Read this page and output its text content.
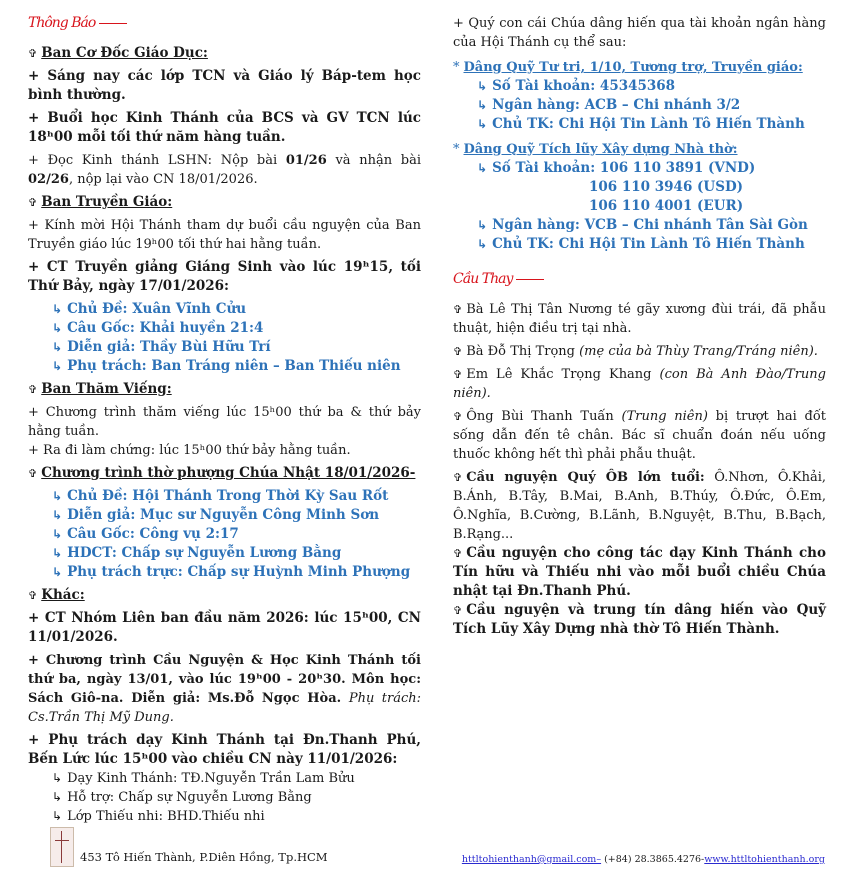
Thông Báo
✞ Ban Cơ Đốc Giáo Dục:
+ Sáng nay các lớp TCN và Giáo lý Báp-tem học bình thường.
+ Buổi học Kinh Thánh của BCS và GV TCN lúc 18ʰ00 mỗi tối thứ năm hàng tuần.
+ Đọc Kinh thánh LSHN: Nộp bài 01/26 và nhận bài 02/26, nộp lại vào CN 18/01/2026.
✞ Ban Truyền Giáo:
+ Kính mời Hội Thánh tham dự buổi cầu nguyện của Ban Truyền giáo lúc 19ʰ00 tối thứ hai hằng tuần.
+ CT Truyền giảng Giáng Sinh vào lúc 19ʰ15, tối Thứ Bảy, ngày 17/01/2026:
↳ Chủ Đề: Xuân Vĩnh Cửu
↳ Câu Gốc: Khải huyền 21:4
↳ Diễn giả: Thầy Bùi Hữu Trí
↳ Phụ trách: Ban Tráng niên – Ban Thiếu niên
✞ Ban Thăm Viếng:
+ Chương trình thăm viếng lúc 15ʰ00 thứ ba & thứ bảy hằng tuần.
+ Ra đi làm chứng: lúc 15ʰ00 thứ bảy hằng tuần.
✞ Chương trình thờ phượng Chúa Nhật 18/01/2026-
↳ Chủ Đề: Hội Thánh Trong Thời Kỳ Sau Rốt
↳ Diễn giả: Mục sư Nguyễn Công Minh Sơn
↳ Câu Gốc: Công vụ 2:17
↳ HDCT: Chấp sự Nguyễn Lương Bằng
↳ Phụ trách trực: Chấp sự Huỳnh Minh Phượng
✞ Khác:
+ CT Nhóm Liên ban đầu năm 2026: lúc 15ʰ00, CN 11/01/2026.
+ Chương trình Cầu Nguyện & Học Kinh Thánh tối thứ ba, ngày 13/01, vào lúc 19ʰ00 - 20ʰ30. Môn học: Sách Giô-na. Diễn giả: Ms.Đỗ Ngọc Hòa. Phụ trách: Cs.Trần Thị Mỹ Dung.
+ Phụ trách dạy Kinh Thánh tại Đn.Thanh Phú, Bến Lức lúc 15ʰ00 vào chiều CN này 11/01/2026:
↳ Dạy Kinh Thánh: TĐ.Nguyễn Trần Lam Bửu
↳ Hỗ trợ: Chấp sự Nguyễn Lương Bằng
↳ Lớp Thiếu nhi: BHD.Thiếu nhi
+ Quý con cái Chúa dâng hiến qua tài khoản ngân hàng của Hội Thánh cụ thể sau:
* Dâng Quỹ Tư tri, 1/10, Tương trợ, Truyền giáo:
↳ Số Tài khoản: 45345368
↳ Ngân hàng: ACB – Chi nhánh 3/2
↳ Chủ TK: Chi Hội Tin Lành Tô Hiến Thành
* Dâng Quỹ Tích lũy Xây dựng Nhà thờ:
↳ Số Tài khoản: 106 110 3891 (VND)
106 110 3946 (USD)
106 110 4001 (EUR)
↳ Ngân hàng: VCB – Chi nhánh Tân Sài Gòn
↳ Chủ TK: Chi Hội Tin Lành Tô Hiến Thành
Cầu Thay
✞ Bà Lê Thị Tân Nương té gãy xương đùi trái, đã phẫu thuật, hiện điều trị tại nhà.
✞ Bà Đỗ Thị Trọng (mẹ của bà Thùy Trang/Tráng niên).
✞ Em Lê Khắc Trọng Khang (con Bà Anh Đào/Trung niên).
✞ Ông Bùi Thanh Tuấn (Trung niên) bị trượt hai đốt sống dẫn đến tê chân. Bác sĩ chuẩn đoán nếu uống thuốc không hết thì phải phẫu thuật.
✞ Cầu nguyện Quý ÔB lớn tuổi: Ô.Nhơn, Ô.Khải, B.Ánh, B.Tây, B.Mai, B.Anh, B.Thúy, Ô.Đức, Ô.Em, Ô.Nghĩa, B.Cường, B.Lãnh, B.Nguyệt, B.Thu, B.Bạch, B.Rạng...
✞ Cầu nguyện cho công tác dạy Kinh Thánh cho Tín hữu và Thiếu nhi vào mỗi buổi chiều Chúa nhật tại Đn.Thanh Phú.
✞ Cầu nguyện và trung tín dâng hiến vào Quỹ Tích Lũy Xây Dựng nhà thờ Tô Hiến Thành.
453 Tô Hiến Thành, P.Diên Hồng, Tp.HCM	httltohienthanh@gmail.com– (+84) 28.3865.4276-www.httltohienthanh.org
